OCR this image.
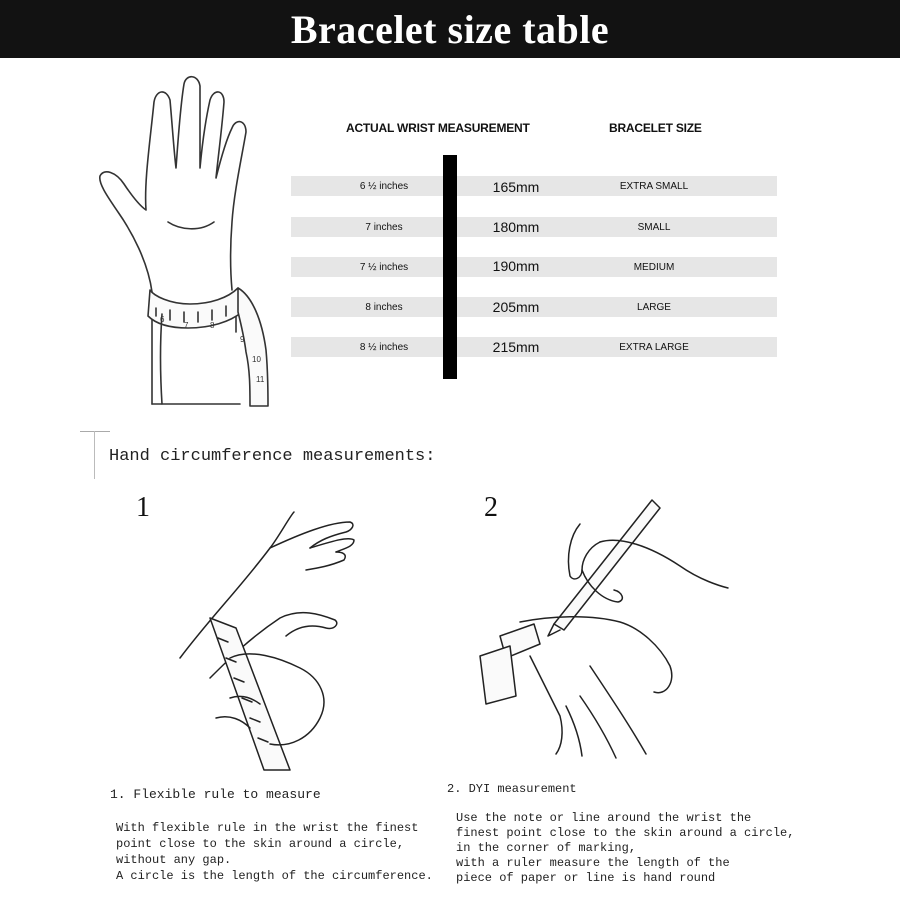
Bracelet size table
6
7	8
9
10
11
ACTUAL WRIST MEASUREMENT	BRACELET SIZE
6 ½ inches	165mm	EXTRA SMALL
7 inches	180mm	SMALL
7 ½ inches	190mm	MEDIUM
8 inches	205mm	LARGE
8 ½ inches	215mm	EXTRA LARGE
Hand circumference measurements:
1
1. Flexible rule to measure
With flexible rule in the wrist the finest
point close to the skin around a circle,
without any gap.
A circle is the length of the circumference.
2
2. DYI measurement
Use the note or line around the wrist the
finest point close to the skin around a circle,
in the corner of marking,
with a ruler measure the length of the
piece of paper or line is hand round
